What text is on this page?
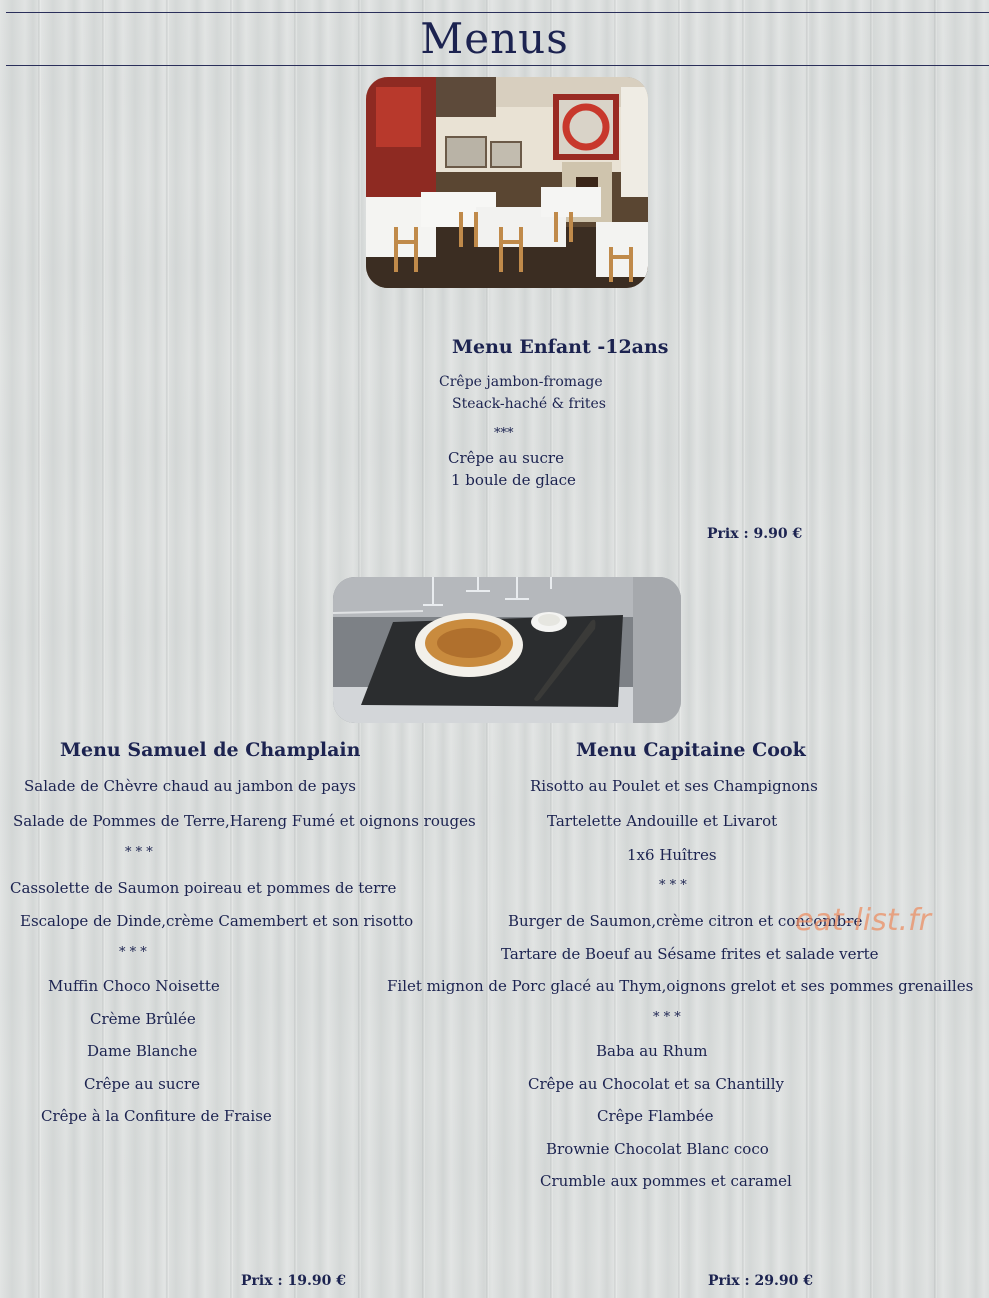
Menus
Menu Enfant -12ans
Crêpe jambon-fromage
Steack-haché & frites
***
Crêpe au sucre
1 boule de glace
Prix : 9.90 €
Menu Samuel de Champlain
Salade de Chèvre chaud au jambon de pays
Salade de Pommes de Terre,Hareng Fumé et oignons rouges
* * *
Cassolette de Saumon poireau et pommes de terre
Escalope de Dinde,crème Camembert et son risotto
* * *
Muffin Choco Noisette
Crème Brûlée
Dame Blanche
Crêpe au sucre
Crêpe à la Confiture de Fraise
Prix : 19.90 €
Menu Capitaine Cook
Risotto au Poulet et ses Champignons
Tartelette Andouille et Livarot
1x6 Huîtres
* * *
Burger de Saumon,crème citron et concombre
Tartare de Boeuf au Sésame frites et salade verte
Filet mignon de Porc glacé au Thym,oignons grelot et ses pommes grenailles
* * *
Baba au Rhum
Crêpe au Chocolat et sa Chantilly
Crêpe Flambée
Brownie Chocolat Blanc coco
Crumble aux pommes et caramel
Prix : 29.90 €
eat-list.fr
